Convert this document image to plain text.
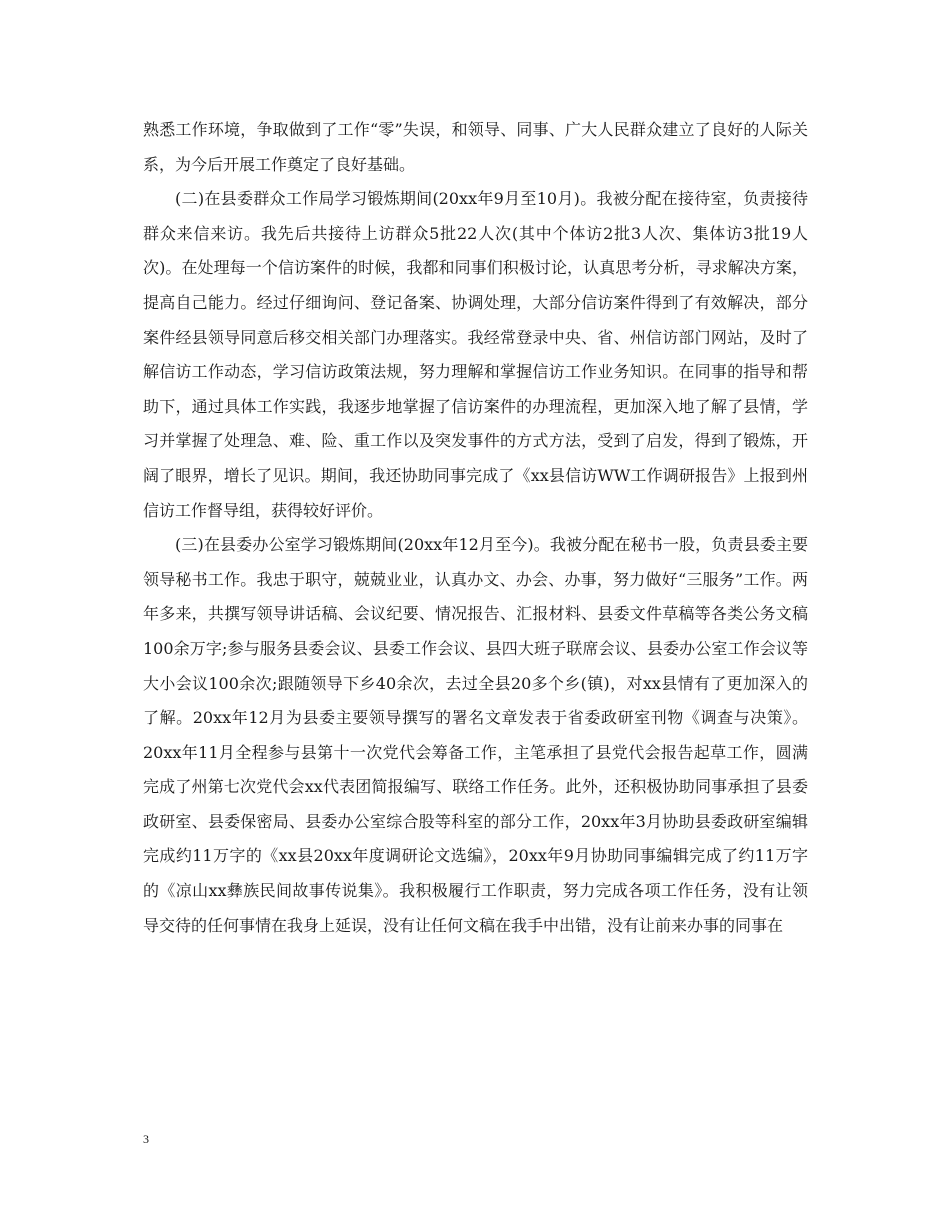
熟悉工作环境，争取做到了工作“零”失误，和领导、同事、广大人民群众建立了良好的人际关系，为今后开展工作奠定了良好基础。

(二)在县委群众工作局学习锻炼期间(20xx年9月至10月)。我被分配在接待室，负责接待群众来信来访。我先后共接待上访群众5批22人次(其中个体访2批3人次、集体访3批19人次)。在处理每一个信访案件的时候，我都和同事们积极讨论，认真思考分析，寻求解决方案，提高自己能力。经过仔细询问、登记备案、协调处理，大部分信访案件得到了有效解决，部分案件经县领导同意后移交相关部门办理落实。我经常登录中央、省、州信访部门网站，及时了解信访工作动态，学习信访政策法规，努力理解和掌握信访工作业务知识。在同事的指导和帮助下，通过具体工作实践，我逐步地掌握了信访案件的办理流程，更加深入地了解了县情，学习并掌握了处理急、难、险、重工作以及突发事件的方式方法，受到了启发，得到了锻炼，开阔了眼界，增长了见识。期间，我还协助同事完成了《xx县信访WW工作调研报告》上报到州信访工作督导组，获得较好评价。

(三)在县委办公室学习锻炼期间(20xx年12月至今)。我被分配在秘书一股，负责县委主要领导秘书工作。我忠于职守，兢兢业业，认真办文、办会、办事，努力做好“三服务”工作。两年多来，共撰写领导讲话稿、会议纪要、情况报告、汇报材料、县委文件草稿等各类公务文稿100余万字;参与服务县委会议、县委工作会议、县四大班子联席会议、县委办公室工作会议等大小会议100余次;跟随领导下乡40余次，去过全县20多个乡(镇)，对xx县情有了更加深入的了解。20xx年12月为县委主要领导撰写的署名文章发表于省委政研室刊物《调查与决策》。20xx年11月全程参与县第十一次党代会筹备工作，主笔承担了县党代会报告起草工作，圆满完成了州第七次党代会xx代表团简报编写、联络工作任务。此外，还积极协助同事承担了县委政研室、县委保密局、县委办公室综合股等科室的部分工作，20xx年3月协助县委政研室编辑完成约11万字的《xx县20xx年度调研论文选编》，20xx年9月协助同事编辑完成了约11万字的《凉山xx彝族民间故事传说集》。我积极履行工作职责，努力完成各项工作任务，没有让领导交待的任何事情在我身上延误，没有让任何文稿在我手中出错，没有让前来办事的同事在

3
